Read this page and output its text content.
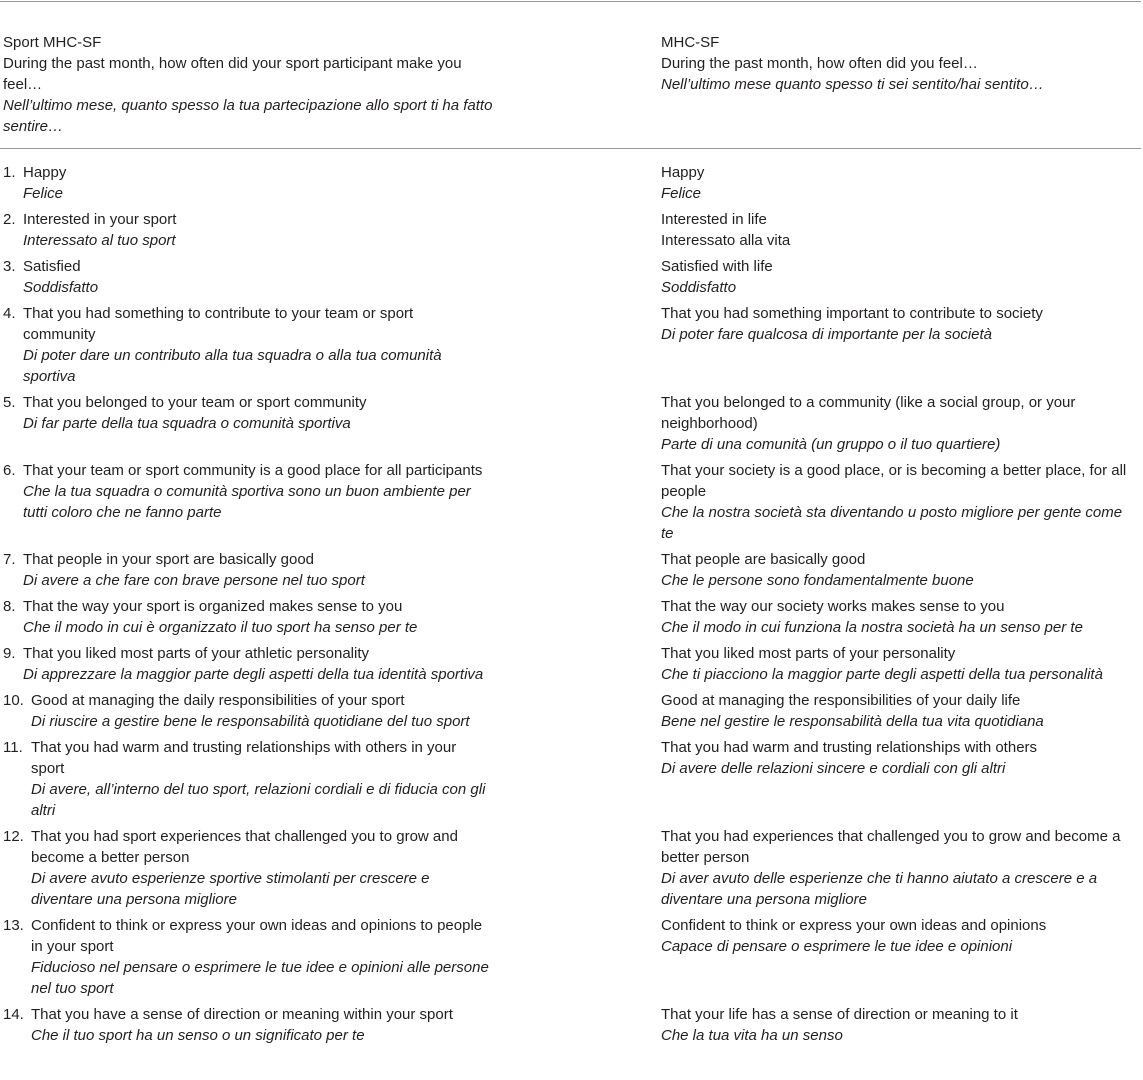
Sport MHC-SF
During the past month, how often did your sport participant make you feel…
Nell’ultimo mese, quanto spesso la tua partecipazione allo sport ti ha fatto sentire…
MHC-SF
During the past month, how often did you feel…
Nell’ultimo mese quanto spesso ti sei sentito/hai sentito…
1. Happy
Felice
Happy
Felice
2. Interested in your sport
Interessato al tuo sport
Interested in life
Interessato alla vita
3. Satisfied
Soddisfatto
Satisfied with life
Soddisfatto
4. That you had something to contribute to your team or sport community
Di poter dare un contributo alla tua squadra o alla tua comunità sportiva
That you had something important to contribute to society
Di poter fare qualcosa di importante per la società
5. That you belonged to your team or sport community
Di far parte della tua squadra o comunità sportiva
That you belonged to a community (like a social group, or your neighborhood)
Parte di una comunità (un gruppo o il tuo quartiere)
6. That your team or sport community is a good place for all participants
Che la tua squadra o comunità sportiva sono un buon ambiente per tutti coloro che ne fanno parte
That your society is a good place, or is becoming a better place, for all people
Che la nostra società sta diventando u posto migliore per gente come te
7. That people in your sport are basically good
Di avere a che fare con brave persone nel tuo sport
That people are basically good
Che le persone sono fondamentalmente buone
8. That the way your sport is organized makes sense to you
Che il modo in cui è organizzato il tuo sport ha senso per te
That the way our society works makes sense to you
Che il modo in cui funziona la nostra società ha un senso per te
9. That you liked most parts of your athletic personality
Di apprezzare la maggior parte degli aspetti della tua identità sportiva
That you liked most parts of your personality
Che ti piacciono la maggior parte degli aspetti della tua personalità
10. Good at managing the daily responsibilities of your sport
Di riuscire a gestire bene le responsabilità quotidiane del tuo sport
Good at managing the responsibilities of your daily life
Bene nel gestire le responsabilità della tua vita quotidiana
11. That you had warm and trusting relationships with others in your sport
Di avere, all’interno del tuo sport, relazioni cordiali e di fiducia con gli altri
That you had warm and trusting relationships with others
Di avere delle relazioni sincere e cordiali con gli altri
12. That you had sport experiences that challenged you to grow and become a better person
Di avere avuto esperienze sportive stimolanti per crescere e diventare una persona migliore
That you had experiences that challenged you to grow and become a better person
Di aver avuto delle esperienze che ti hanno aiutato a crescere e a diventare una persona migliore
13. Confident to think or express your own ideas and opinions to people in your sport
Fiducioso nel pensare o esprimere le tue idee e opinioni alle persone nel tuo sport
Confident to think or express your own ideas and opinions
Capace di pensare o esprimere le tue idee e opinioni
14. That you have a sense of direction or meaning within your sport
Che il tuo sport ha un senso o un significato per te
That your life has a sense of direction or meaning to it
Che la tua vita ha un senso
